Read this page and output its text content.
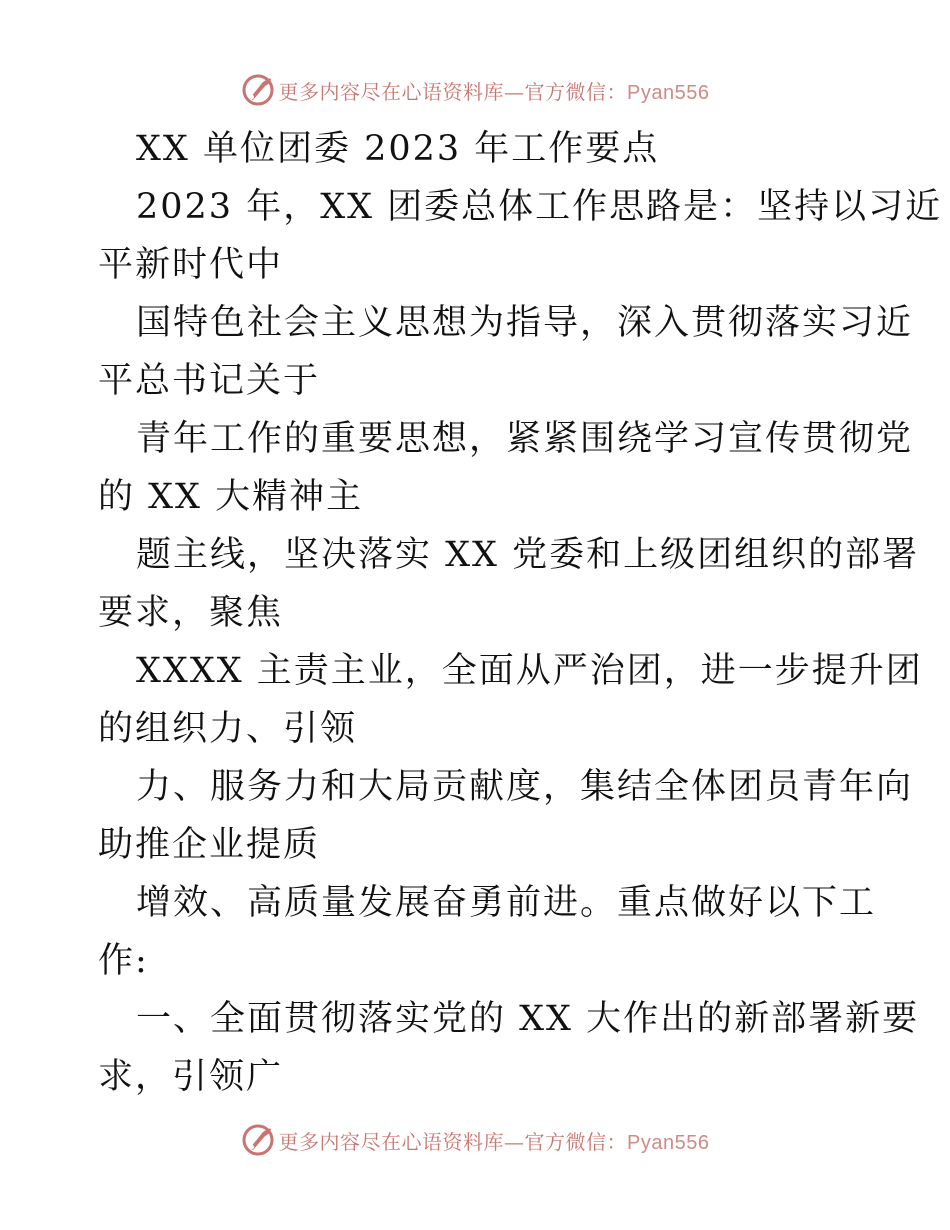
更多内容尽在心语资料库—官方微信：Pyan556
XX 单位团委 2023 年工作要点
2023 年，XX 团委总体工作思路是：坚持以习近
平新时代中
国特色社会主义思想为指导，深入贯彻落实习近
平总书记关于
青年工作的重要思想，紧紧围绕学习宣传贯彻党
的 XX 大精神主
题主线，坚决落实 XX 党委和上级团组织的部署
要求，聚焦
XXXX 主责主业，全面从严治团，进一步提升团
的组织力、引领
力、服务力和大局贡献度，集结全体团员青年向
助推企业提质
增效、高质量发展奋勇前进。重点做好以下工
作:
一、全面贯彻落实党的 XX 大作出的新部署新要
求，引领广
更多内容尽在心语资料库—官方微信：Pyan556
